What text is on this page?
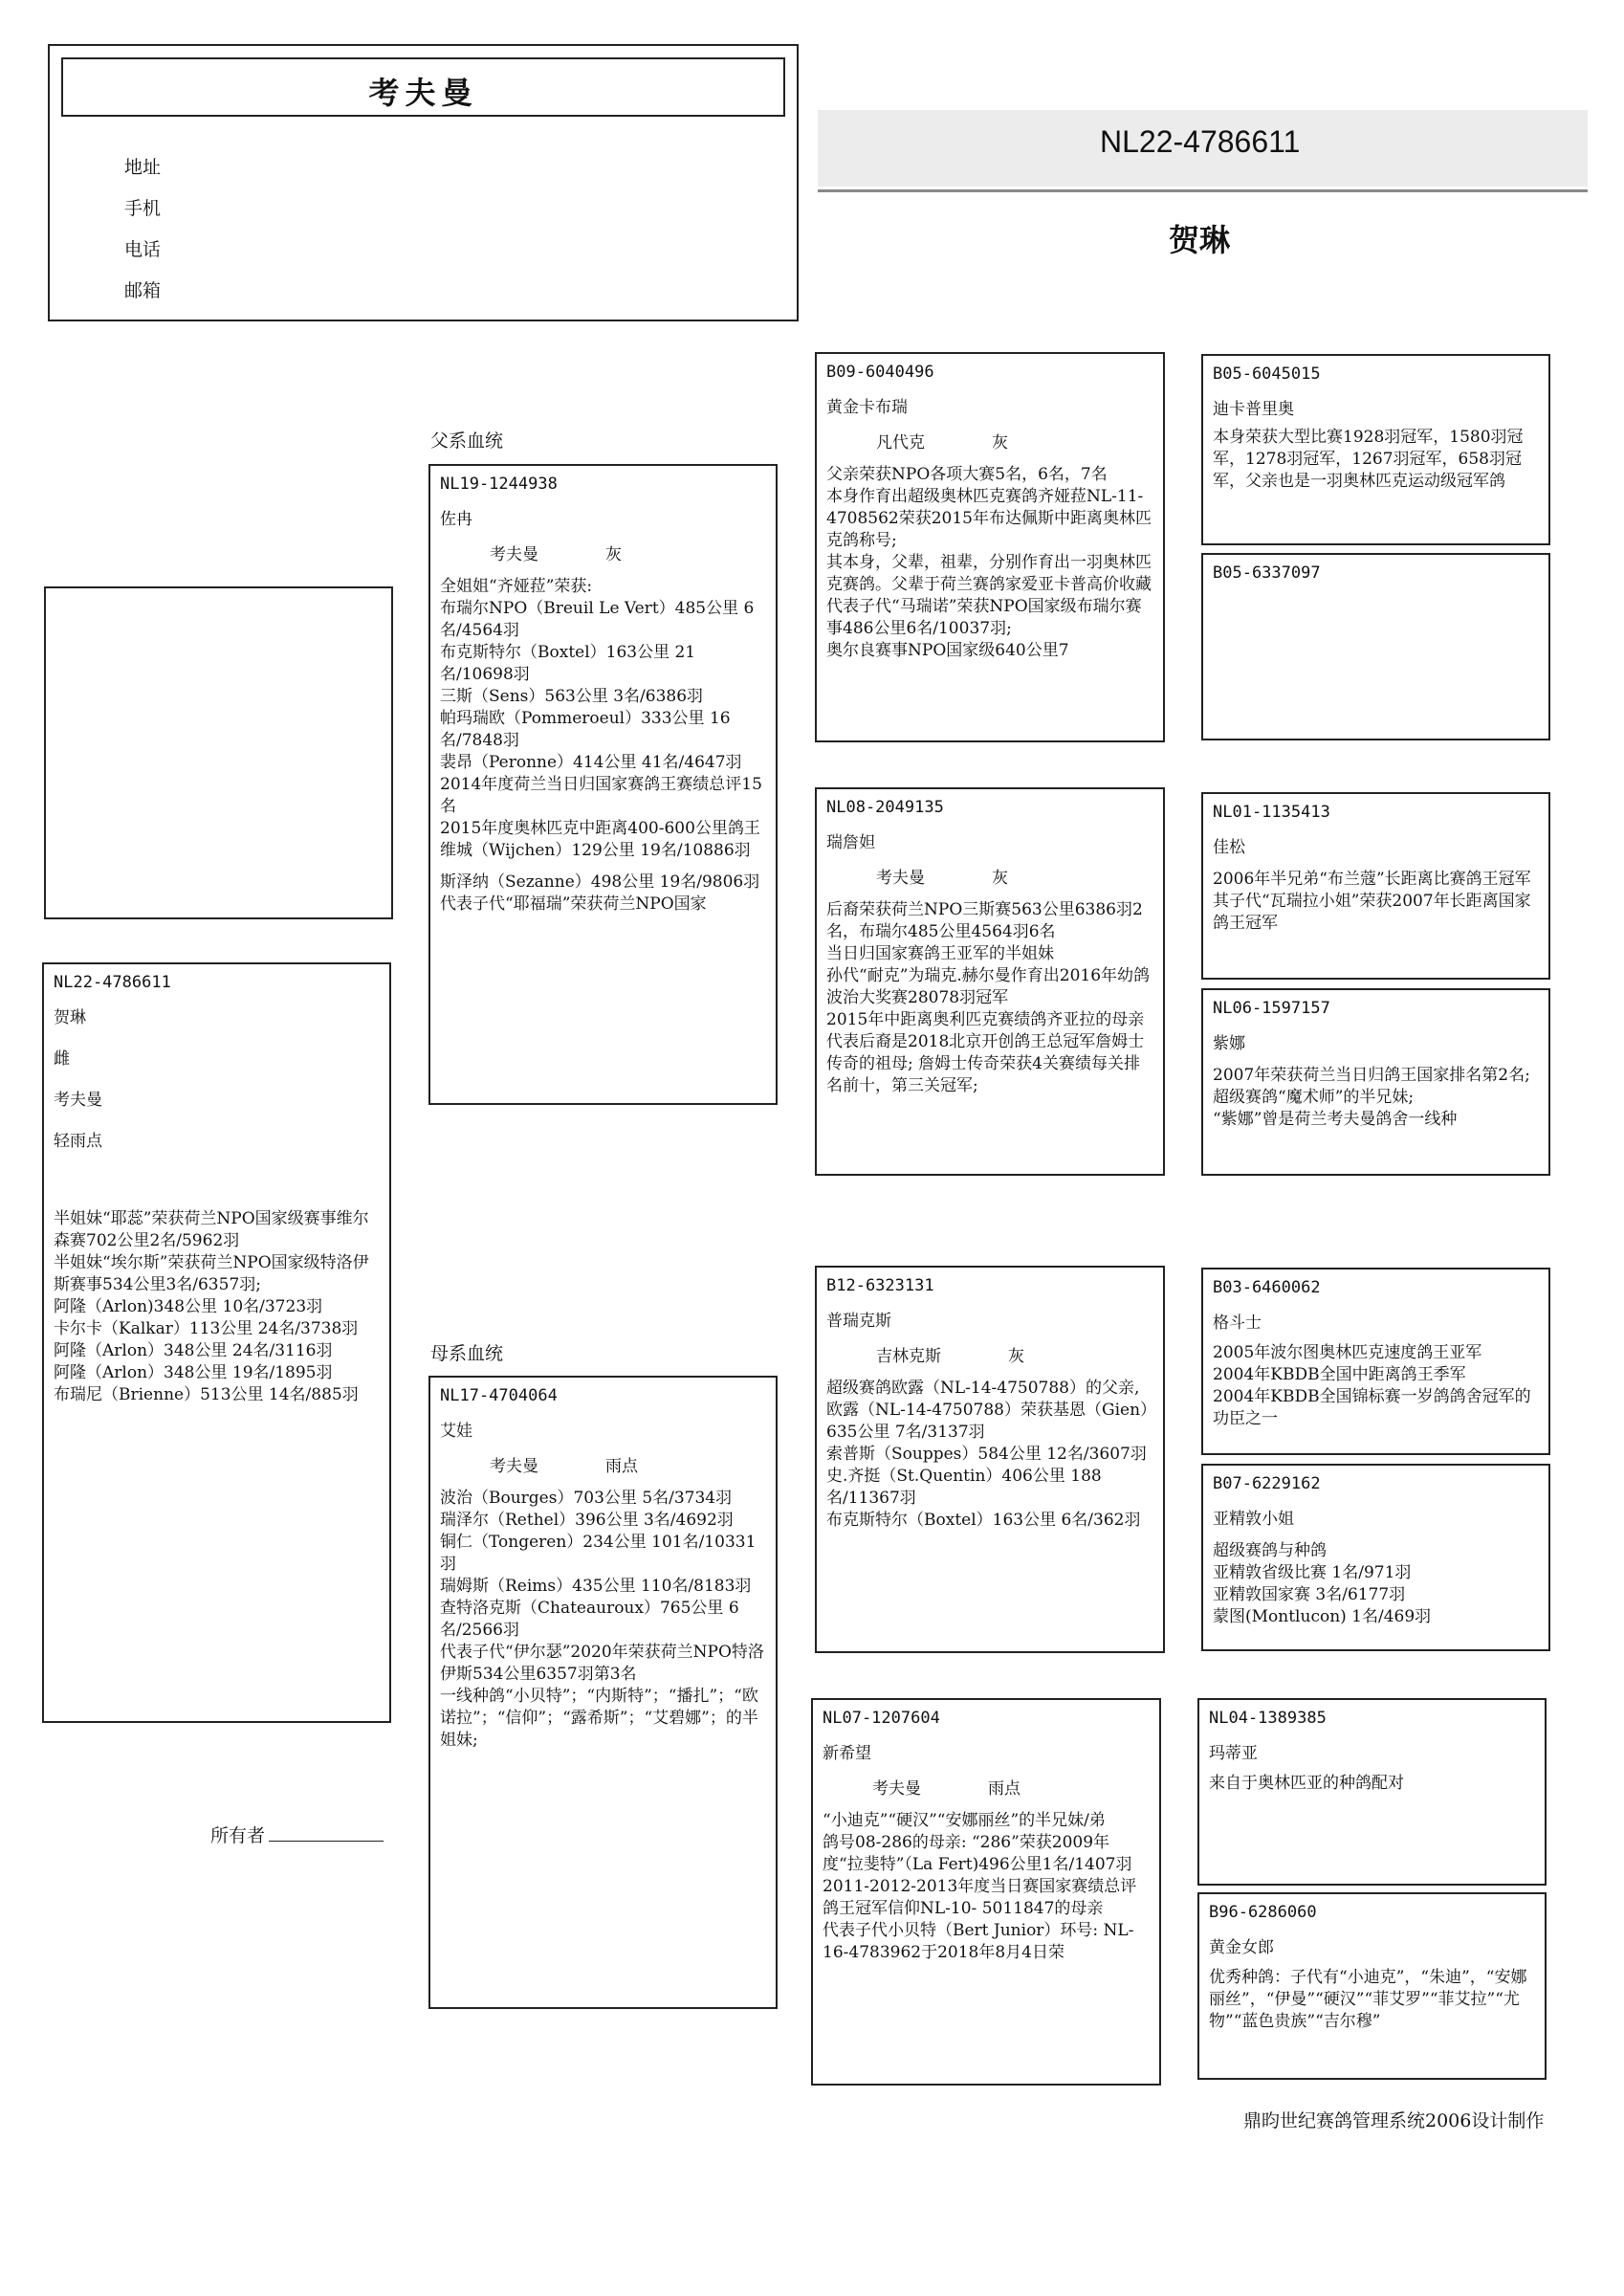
考夫曼
地址
手机
电话
邮箱
NL22-4786611
贺琳
NL22-4786611
贺琳
雌
考夫曼
轻雨点
半姐妹“耶蕊”荣获荷兰NPO国家级赛事维尔森赛702公里2名/5962羽
半姐妹“埃尔斯”荣获荷兰NPO国家级特洛伊斯赛事534公里3名/6357羽;
阿隆（Arlon)348公里 10名/3723羽
卡尔卡（Kalkar）113公里 24名/3738羽
阿隆（Arlon）348公里 24名/3116羽
阿隆（Arlon）348公里 19名/1895羽
布瑞尼（Brienne）513公里 14名/885羽
所有者
父系血统
母系血统
NL19-1244938
佐冉
考夫曼	灰
全姐姐“齐娅菈”荣获:
布瑞尔NPO（Breuil Le Vert）485公里 6名/4564羽
布克斯特尔（Boxtel）163公里 21名/10698羽
三斯（Sens）563公里 3名/6386羽
帕玛瑞欧（Pommeroeul）333公里 16名/7848羽
裴昂（Peronne）414公里 41名/4647羽
2014年度荷兰当日归国家赛鸽王赛绩总评15名
2015年度奥林匹克中距离400-600公里鸽王
维城（Wijchen）129公里 19名/10886羽
斯泽纳（Sezanne）498公里 19名/9806羽
代表子代“耶福瑞”荣获荷兰NPO国家
NL17-4704064
艾娃
考夫曼	雨点
波治（Bourges）703公里 5名/3734羽
瑞泽尔（Rethel）396公里 3名/4692羽
铜仁（Tongeren）234公里 101名/10331羽
瑞姆斯（Reims）435公里 110名/8183羽
查特洛克斯（Chateauroux）765公里 6名/2566羽
代表子代“伊尔瑟”2020年荣获荷兰NPO特洛伊斯534公里6357羽第3名
一线种鸽“小贝特”；“内斯特”；“播扎”；“欧诺拉”；“信仰”；“露希斯”；“艾碧娜”；的半姐妹;
B09-6040496
黄金卡布瑞
凡代克	灰
父亲荣获NPO各项大赛5名，6名，7名
本身作育出超级奥林匹克赛鸽齐娅菈NL-11-4708562荣获2015年布达佩斯中距离奥林匹克鸽称号;
其本身，父辈，祖辈，分别作育出一羽奥林匹克赛鸽。父辈于荷兰赛鸽家爱亚卡普高价收藏
代表子代“马瑞诺”荣获NPO国家级布瑞尔赛事486公里6名/10037羽;
奥尔良赛事NPO国家级640公里7
NL08-2049135
瑞詹妲
考夫曼	灰
后裔荣获荷兰NPO三斯赛563公里6386羽2名，布瑞尔485公里4564羽6名
当日归国家赛鸽王亚军的半姐妹
孙代“耐克”为瑞克.赫尔曼作育出2016年幼鸽波治大奖赛28078羽冠军
2015年中距离奥利匹克赛绩鸽齐亚拉的母亲
代表后裔是2018北京开创鸽王总冠军詹姆士传奇的祖母; 詹姆士传奇荣获4关赛绩每关排名前十，第三关冠军;
B12-6323131
普瑞克斯
吉林克斯	灰
超级赛鸽欧露（NL-14-4750788）的父亲,
欧露（NL-14-4750788）荣获基恩（Gien）635公里 7名/3137羽
索普斯（Souppes）584公里 12名/3607羽
史.齐挺（St.Quentin）406公里 188名/11367羽
布克斯特尔（Boxtel）163公里 6名/362羽
NL07-1207604
新希望
考夫曼	雨点
“小迪克”“硬汉”“安娜丽丝”的半兄妹/弟
鸽号08-286的母亲: “286”荣获2009年度“拉斐特”（La Fert)496公里1名/1407羽
2011-2012-2013年度当日赛国家赛绩总评鸽王冠军信仰NL-10- 5011847的母亲
代表子代小贝特（Bert Junior）环号: NL-16-4783962于2018年8月4日荣
B05-6045015
迪卡普里奥
本身荣获大型比赛1928羽冠军，1580羽冠军，1278羽冠军，1267羽冠军，658羽冠军，父亲也是一羽奥林匹克运动级冠军鸽
B05-6337097
NL01-1135413
佳松
2006年半兄弟“布兰蔻”长距离比赛鸽王冠军
其子代“瓦瑞拉小姐”荣获2007年长距离国家鸽王冠军
NL06-1597157
紫娜
2007年荣获荷兰当日归鸽王国家排名第2名;
超级赛鸽“魔术师”的半兄妹;
“紫娜”曾是荷兰考夫曼鸽舍一线种
B03-6460062
格斗士
2005年波尔图奥林匹克速度鸽王亚军
2004年KBDB全国中距离鸽王季军
2004年KBDB全国锦标赛一岁鸽鸽舍冠军的功臣之一
B07-6229162
亚精敦小姐
超级赛鸽与种鸽
亚精敦省级比赛 1名/971羽
亚精敦国家赛 3名/6177羽
蒙图(Montlucon) 1名/469羽
NL04-1389385
玛蒂亚
来自于奥林匹亚的种鸽配对
B96-6286060
黄金女郎
优秀种鸽：子代有“小迪克”，“朱迪”，“安娜丽丝”，“伊曼”“硬汉”“菲艾罗”“菲艾拉”“尤物”“蓝色贵族”“吉尔穆”
鼎昀世纪赛鸽管理系统2006设计制作
